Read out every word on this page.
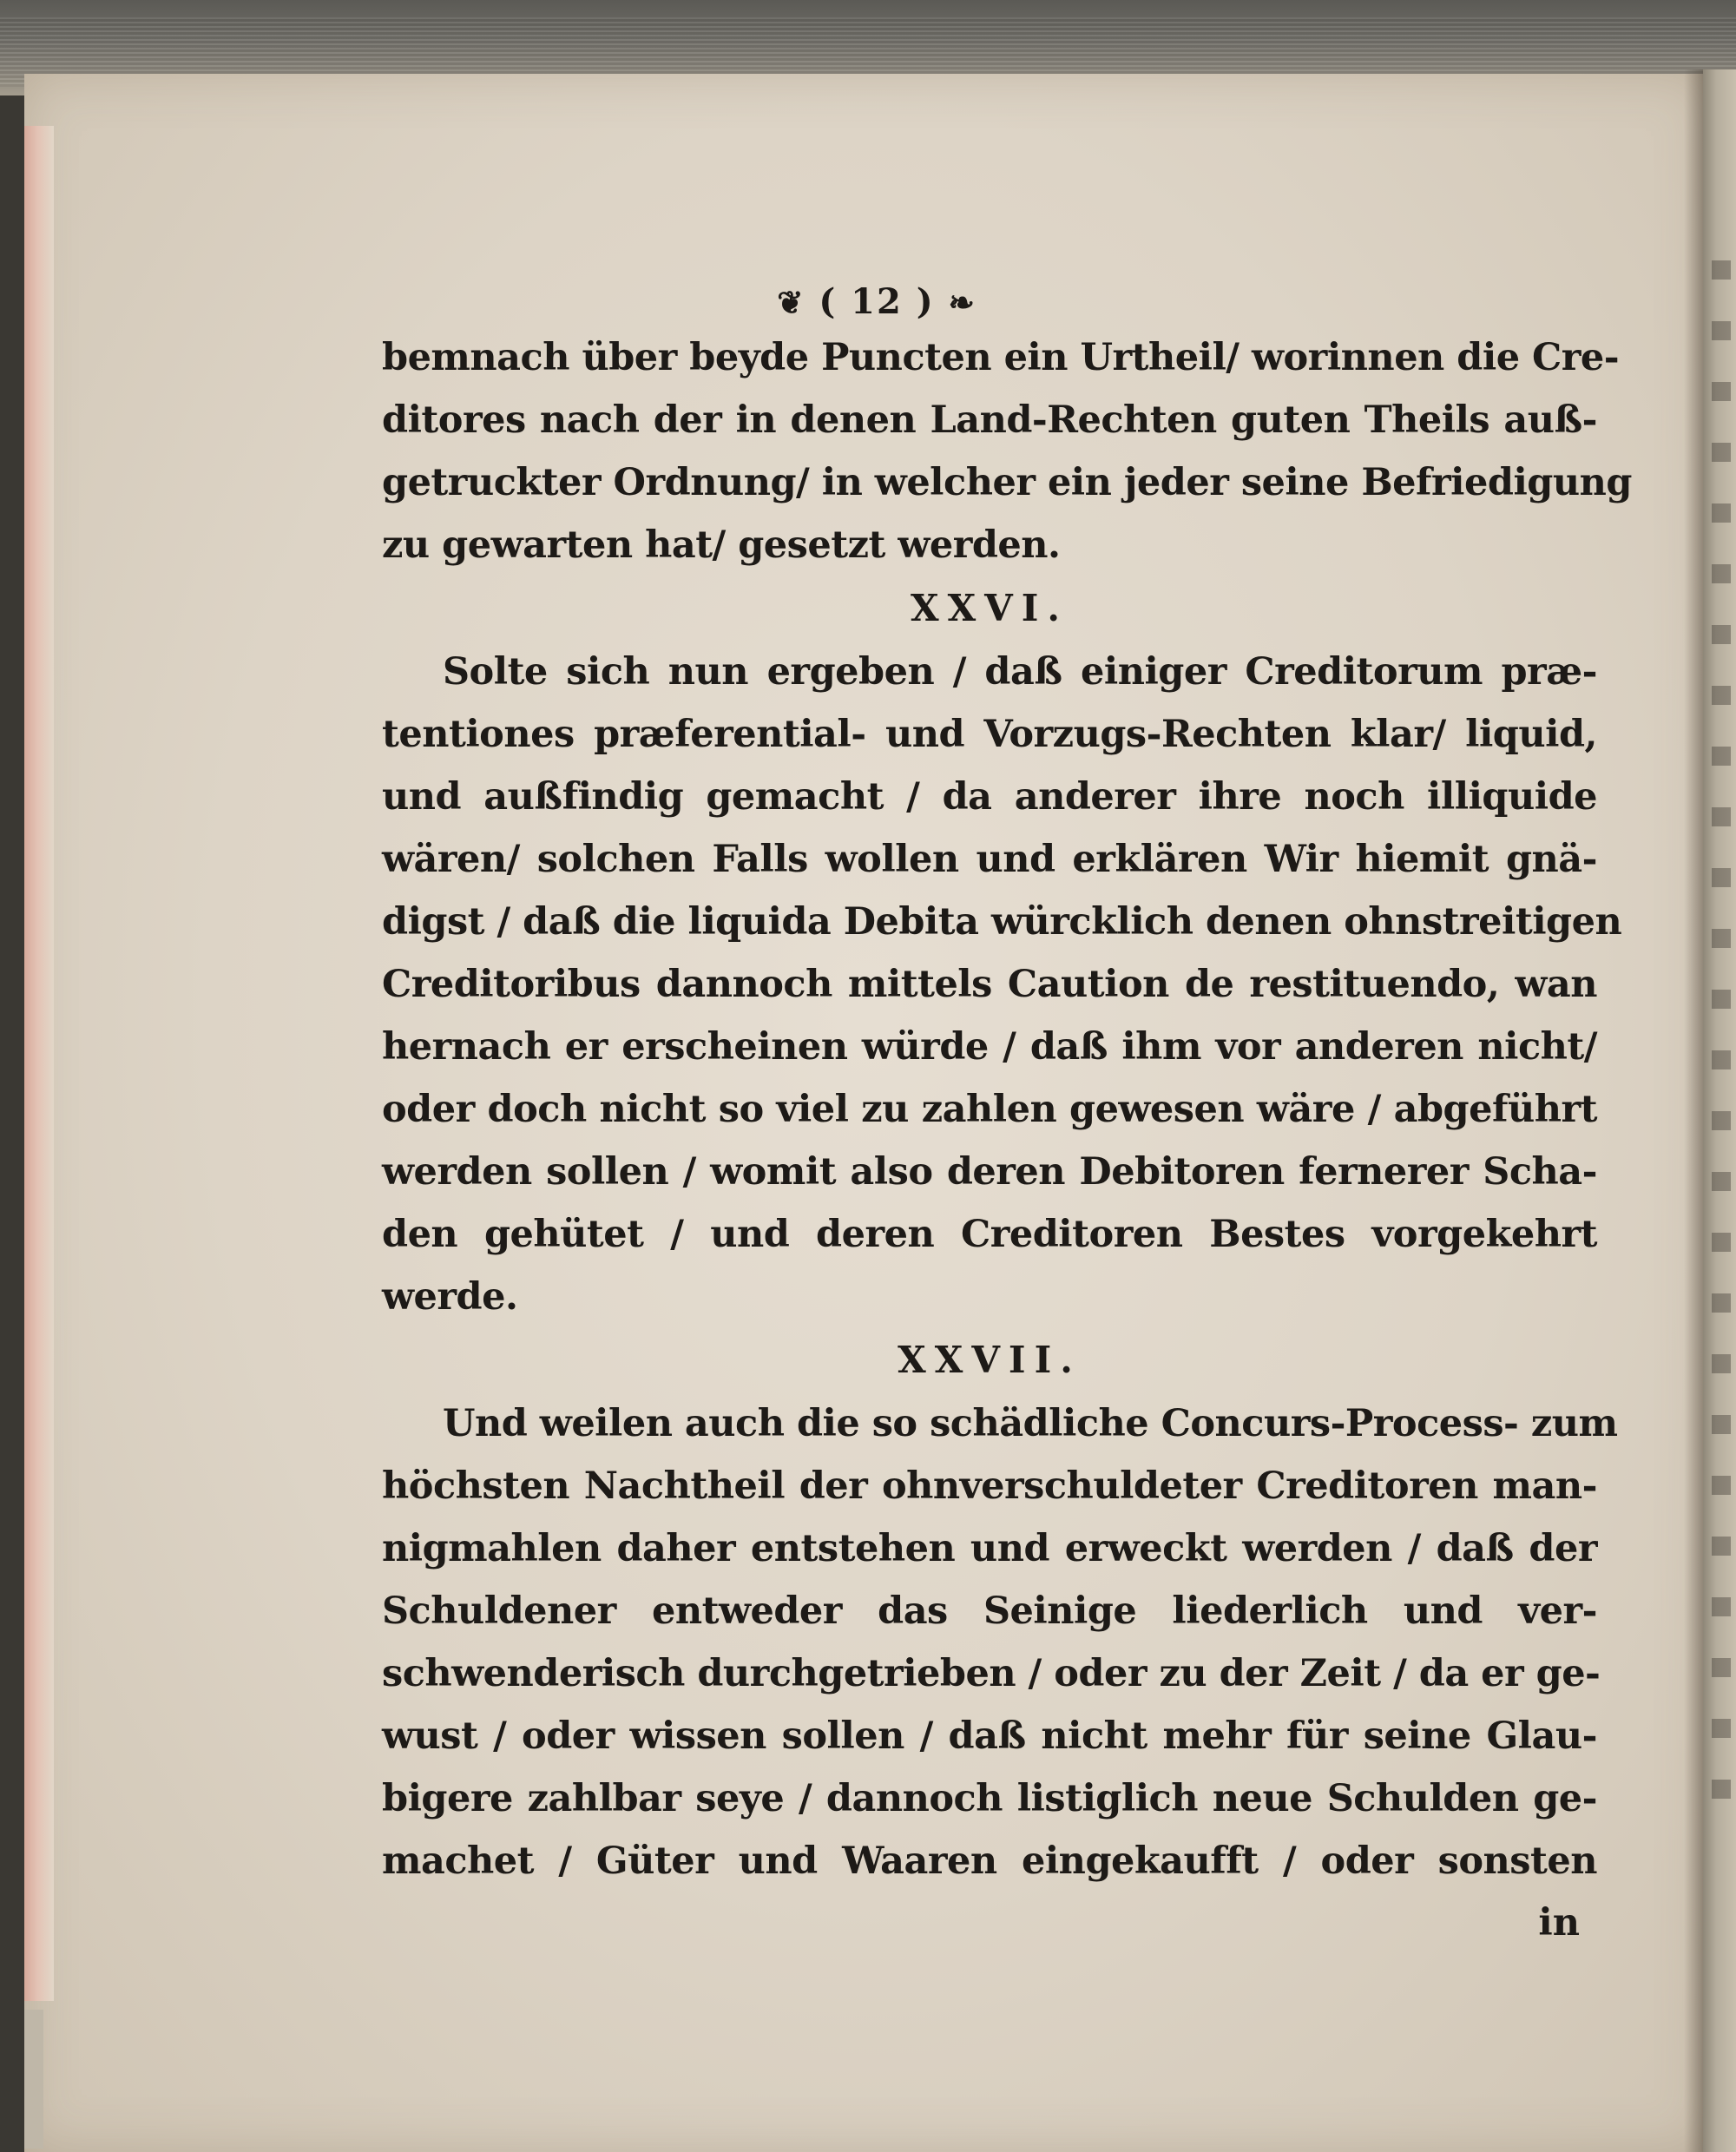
❦ ( 12 ) ❧
bemnach über beyde Puncten ein Urtheil/ worinnen die Cre-
ditores nach der in denen Land-Rechten guten Theils auß-
getruckter Ordnung/ in welcher ein jeder seine Befriedigung
zu gewarten hat/ gesetzt werden.
XXVI.
Solte sich nun ergeben / daß einiger Creditorum præ-
tentiones præferential- und Vorzugs-Rechten klar/ liquid,
und außfindig gemacht / da anderer ihre noch illiquide
wären/ solchen Falls wollen und erklären Wir hiemit gnä-
digst / daß die liquida Debita würcklich denen ohnstreitigen
Creditoribus dannoch mittels Caution de restituendo, wan
hernach er erscheinen würde / daß ihm vor anderen nicht/
oder doch nicht so viel zu zahlen gewesen wäre / abgeführt
werden sollen / womit also deren Debitoren fernerer Scha-
den gehütet / und deren Creditoren Bestes vorgekehrt
werde.
XXVII.
Und weilen auch die so schädliche Concurs-Process- zum
höchsten Nachtheil der ohnverschuldeter Creditoren man-
nigmahlen daher entstehen und erweckt werden / daß der
Schuldener entweder das Seinige liederlich und ver-
schwenderisch durchgetrieben / oder zu der Zeit / da er ge-
wust / oder wissen sollen / daß nicht mehr für seine Glau-
bigere zahlbar seye / dannoch listiglich neue Schulden ge-
machet / Güter und Waaren eingekaufft / oder sonsten
in
